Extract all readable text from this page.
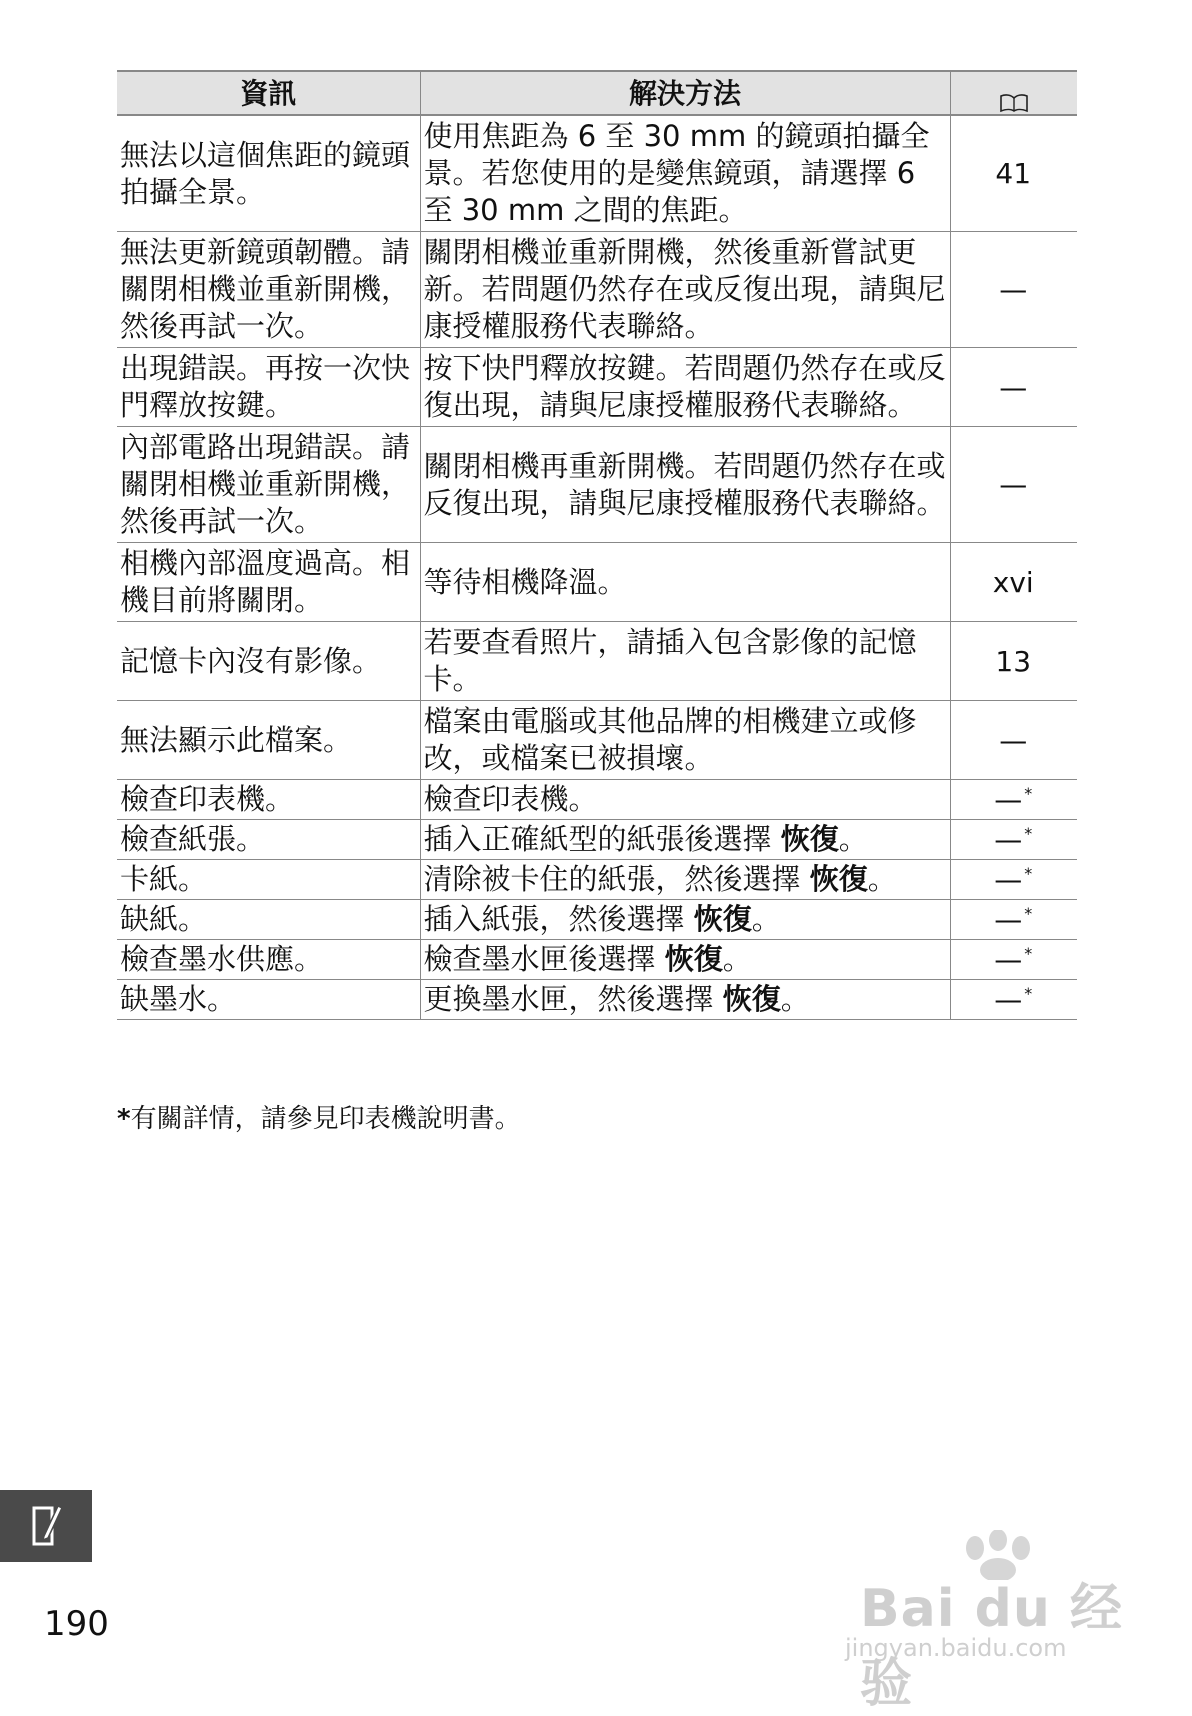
資訊	解決方法	
無法以這個焦距的鏡頭拍攝全景。	使用焦距為 6 至 30 mm 的鏡頭拍攝全景。若您使用的是變焦鏡頭，請選擇 6 至 30 mm 之間的焦距。	41
無法更新鏡頭韌體。請關閉相機並重新開機，然後再試一次。	關閉相機並重新開機，然後重新嘗試更新。若問題仍然存在或反復出現，請與尼康授權服務代表聯絡。	—
出現錯誤。再按一次快門釋放按鍵。	按下快門釋放按鍵。若問題仍然存在或反復出現，請與尼康授權服務代表聯絡。	—
內部電路出現錯誤。請關閉相機並重新開機，然後再試一次。	關閉相機再重新開機。若問題仍然存在或反復出現，請與尼康授權服務代表聯絡。	—
相機內部溫度過高。相機目前將關閉。	等待相機降溫。	xvi
記憶卡內沒有影像。	若要查看照片，請插入包含影像的記憶卡。	13
無法顯示此檔案。	檔案由電腦或其他品牌的相機建立或修改，或檔案已被損壞。	—
檢查印表機。	檢查印表機。	— *
檢查紙張。	插入正確紙型的紙張後選擇 恢復。	— *
卡紙。	清除被卡住的紙張，然後選擇 恢復。	— *
缺紙。	插入紙張，然後選擇 恢復。	— *
檢查墨水供應。	檢查墨水匣後選擇 恢復。	— *
缺墨水。	更換墨水匣，然後選擇 恢復。	— *
*有關詳情，請參見印表機說明書。
190	Bai du 经验
jingyan.baidu.com
